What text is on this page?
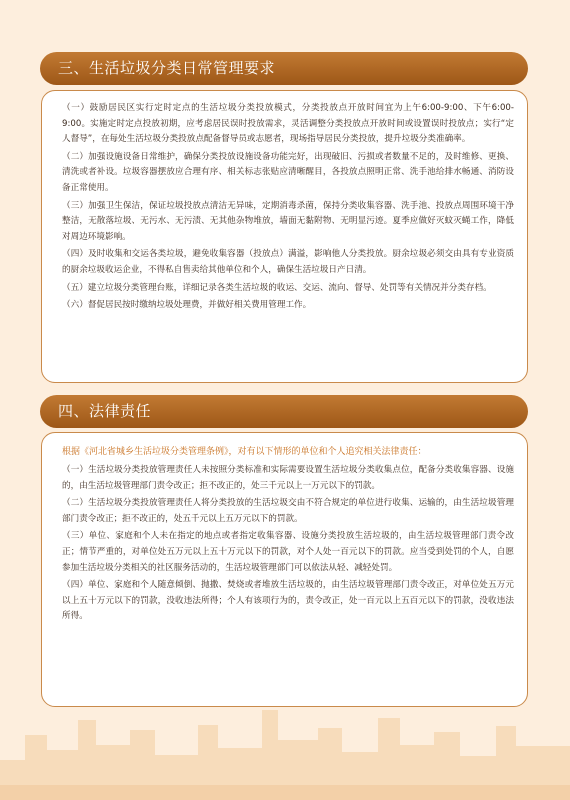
三、生活垃圾分类日常管理要求

（一）鼓励居民区实行定时定点的生活垃圾分类投放模式，分类投放点开放时间宜为上午6:00-9:00、下午6:00-9:00。实施定时定点投放初期，应考虑居民误时投放需求，灵活调整分类投放点开放时间或设置误时投放点；实行“定人督导”，在每处生活垃圾分类投放点配备督导员或志愿者，现场指导居民分类投放，提升垃圾分类准确率。

（二）加强设施设备日常维护，确保分类投放设施设备功能完好，出现破旧、污损或者数量不足的，及时维修、更换、清洗或者补设。垃圾容器摆放应合理有序、相关标志张贴应清晰醒目，各投放点照明正常、洗手池给排水畅通、消防设备正常使用。

（三）加强卫生保洁，保证垃圾投放点清洁无异味，定期消毒杀菌，保持分类收集容器、洗手池、投放点周围环境干净整洁，无散落垃圾、无污水、无污渍、无其他杂物堆放，墙面无黏附物、无明显污迹。夏季应做好灭蚊灭蝇工作，降低对周边环境影响。

（四）及时收集和交运各类垃圾，避免收集容器（投放点）满溢，影响他人分类投放。厨余垃圾必须交由具有专业资质的厨余垃圾收运企业，不得私自售卖给其他单位和个人，确保生活垃圾日产日清。

（五）建立垃圾分类管理台账，详细记录各类生活垃圾的收运、交运、流向、督导、处罚等有关情况并分类存档。

（六）督促居民按时缴纳垃圾处理费，并做好相关费用管理工作。

四、法律责任

根据《河北省城乡生活垃圾分类管理条例》，对有以下情形的单位和个人追究相关法律责任：

（一）生活垃圾分类投放管理责任人未按照分类标准和实际需要设置生活垃圾分类收集点位，配备分类收集容器、设施的，由生活垃圾管理部门责令改正；拒不改正的，处三千元以上一万元以下的罚款。

（二）生活垃圾分类投放管理责任人将分类投放的生活垃圾交由不符合规定的单位进行收集、运输的，由生活垃圾管理部门责令改正；拒不改正的，处五千元以上五万元以下的罚款。

（三）单位、家庭和个人未在指定的地点或者指定收集容器、设施分类投放生活垃圾的，由生活垃圾管理部门责令改正；情节严重的，对单位处五万元以上五十万元以下的罚款，对个人处一百元以下的罚款。应当受到处罚的个人，自愿参加生活垃圾分类相关的社区服务活动的，生活垃圾管理部门可以依法从轻、减轻处罚。

（四）单位、家庭和个人随意倾倒、抛撒、焚烧或者堆放生活垃圾的，由生活垃圾管理部门责令改正，对单位处五万元以上五十万元以下的罚款，没收违法所得；个人有该项行为的，责令改正，处一百元以上五百元以下的罚款，没收违法所得。
